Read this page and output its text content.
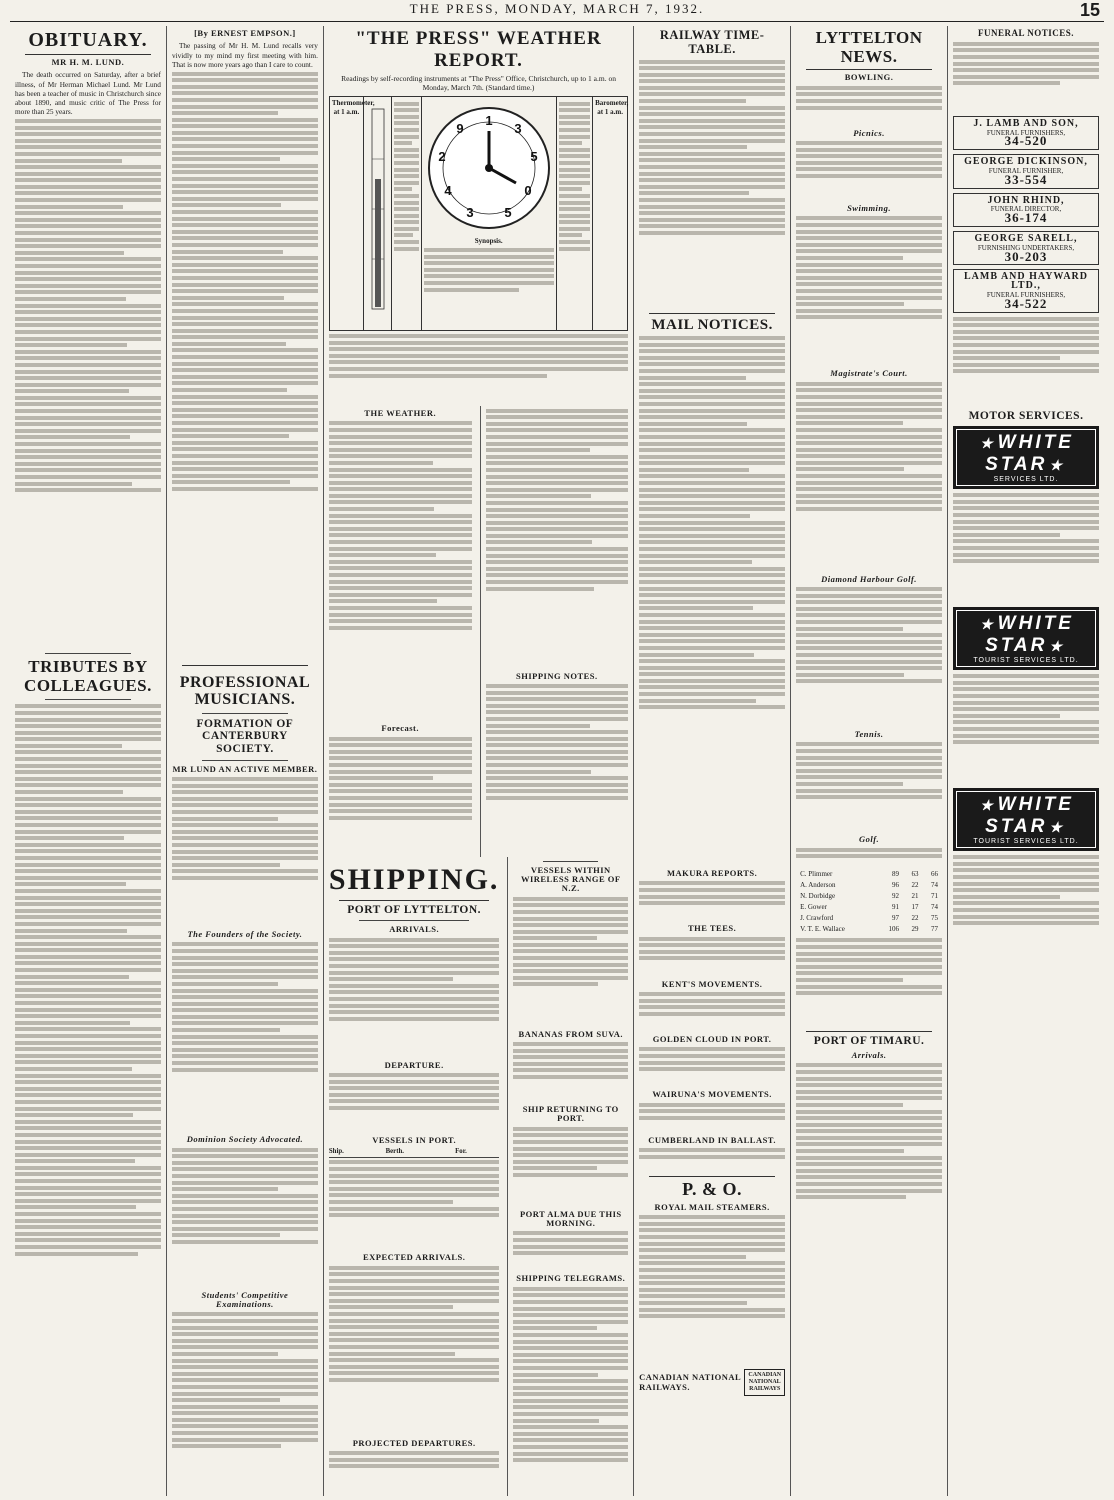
THE PRESS, MONDAY, MARCH 7, 1932.	15
OBITUARY.
MR H. M. LUND.
The death occurred on Saturday, after a brief illness, of Mr Herman Michael Lund. Mr Lund has been a teacher of music in Christchurch since about 1890, and music critic of The Press for more than 25 years.
TRIBUTES BY COLLEAGUES.
[By ERNEST EMPSON.]
The passing of Mr H. M. Lund recalls very vividly to my mind my first meeting with him. That is now more years ago than I care to count.
PROFESSIONAL MUSICIANS.
FORMATION OF CANTERBURY SOCIETY.
MR LUND AN ACTIVE MEMBER.
The Founders of the Society.
Dominion Society Advocated.
Students' Competitive Examinations.
"THE PRESS" WEATHER REPORT.
Readings by self-recording instruments at "The Press" Office, Christchurch, up to 1 a.m. on Monday, March 7th. (Standard time.)
Thermometer, at 1 a.m.
1
3
5
0
5
3
4
2
9
Synopsis.
Barometer, at 1 a.m.
THE WEATHER.
Forecast.
SHIPPING NOTES.
SHIPPING.
PORT OF LYTTELTON.
ARRIVALS.
DEPARTURE.
VESSELS IN PORT.
Ship.	Berth.	For.
EXPECTED ARRIVALS.
PROJECTED DEPARTURES.
VESSELS WITHIN WIRELESS RANGE OF N.Z.
BANANAS FROM SUVA.
SHIP RETURNING TO PORT.
PORT ALMA DUE THIS MORNING.
SHIPPING TELEGRAMS.
RAILWAY TIME-TABLE.
MAIL NOTICES.
MAKURA REPORTS.
THE TEES.
KENT'S MOVEMENTS.
GOLDEN CLOUD IN PORT.
WAIRUNA'S MOVEMENTS.
CUMBERLAND IN BALLAST.
P. & O.
ROYAL MAIL STEAMERS.
CANADIAN NATIONAL RAILWAYS.
CANADIAN NATIONAL RAILWAYS
LYTTELTON NEWS.
BOWLING.
Picnics.
Swimming.
Magistrate's Court.
Diamond Harbour Golf.
Tennis.
Golf.
C. Plimmer	89	63	66
A. Anderson	96	22	74
N. Dorbidge	92	21	71
E. Gower	91	17	74
J. Crawford	97	22	75
V. T. E. Wallace	106	29	77
PORT OF TIMARU.
Arrivals.
FUNERAL NOTICES.
J. LAMB AND SON,
FUNERAL FURNISHERS,
34-520
GEORGE DICKINSON,
FUNERAL FURNISHER,
33-554
JOHN RHIND,
FUNERAL DIRECTOR,
36-174
GEORGE SARELL,
FURNISHING UNDERTAKERS,
30-203
LAMB AND HAYWARD LTD.,
FUNERAL FURNISHERS,
34-522
MOTOR SERVICES.
★ WHITE STAR ★
SERVICES LTD.
★ WHITE STAR ★
TOURIST SERVICES LTD.
★ WHITE STAR ★
TOURIST SERVICES LTD.
